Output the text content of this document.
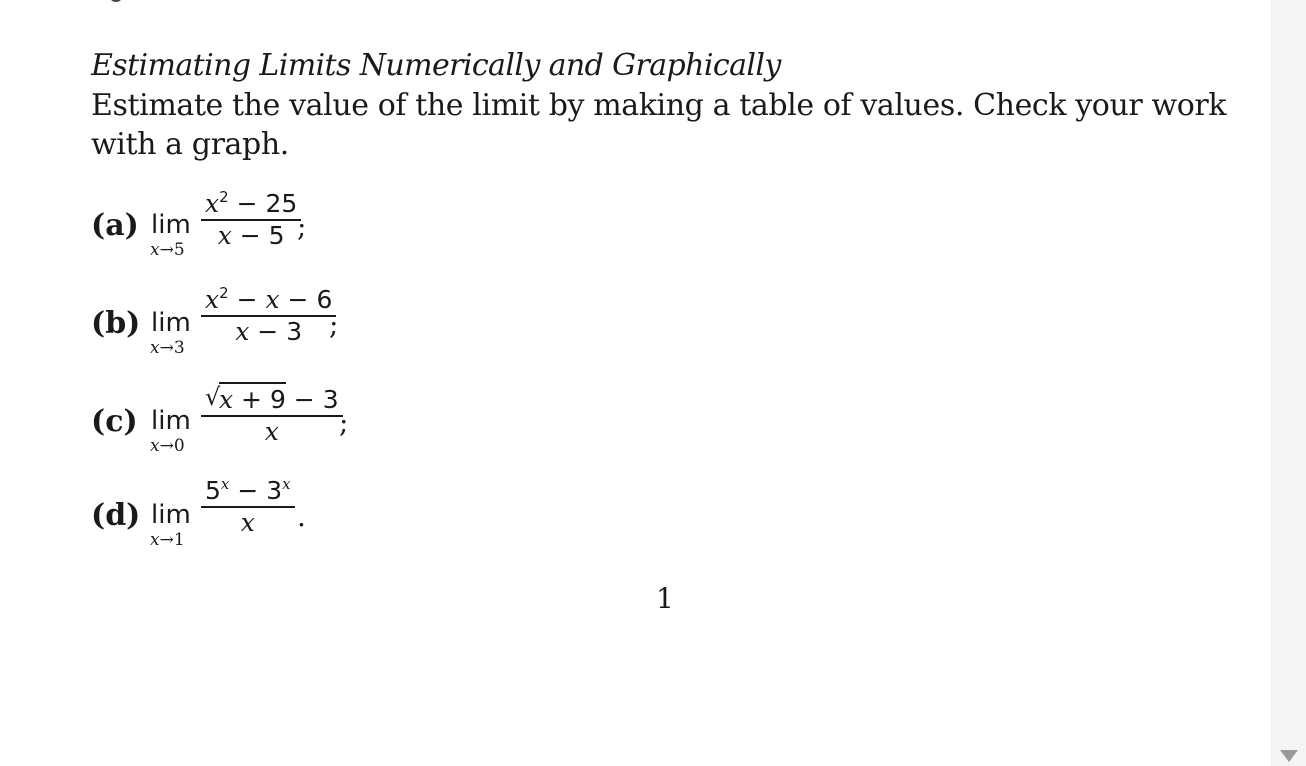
Estimating Limits Numerically and Graphically
Estimate the value of the limit by making a table of values. Check your work with a graph.
(a) lim
x→5
$x^2 - 25$
x − 5 ;
(b) lim
x→3
$x^2 - x - 6$
x − 3 ;
(c) lim
x→0
√
x + 9 − 3
x ;
(d) lim
x→1
$5^x - 3^x$
x .
1
